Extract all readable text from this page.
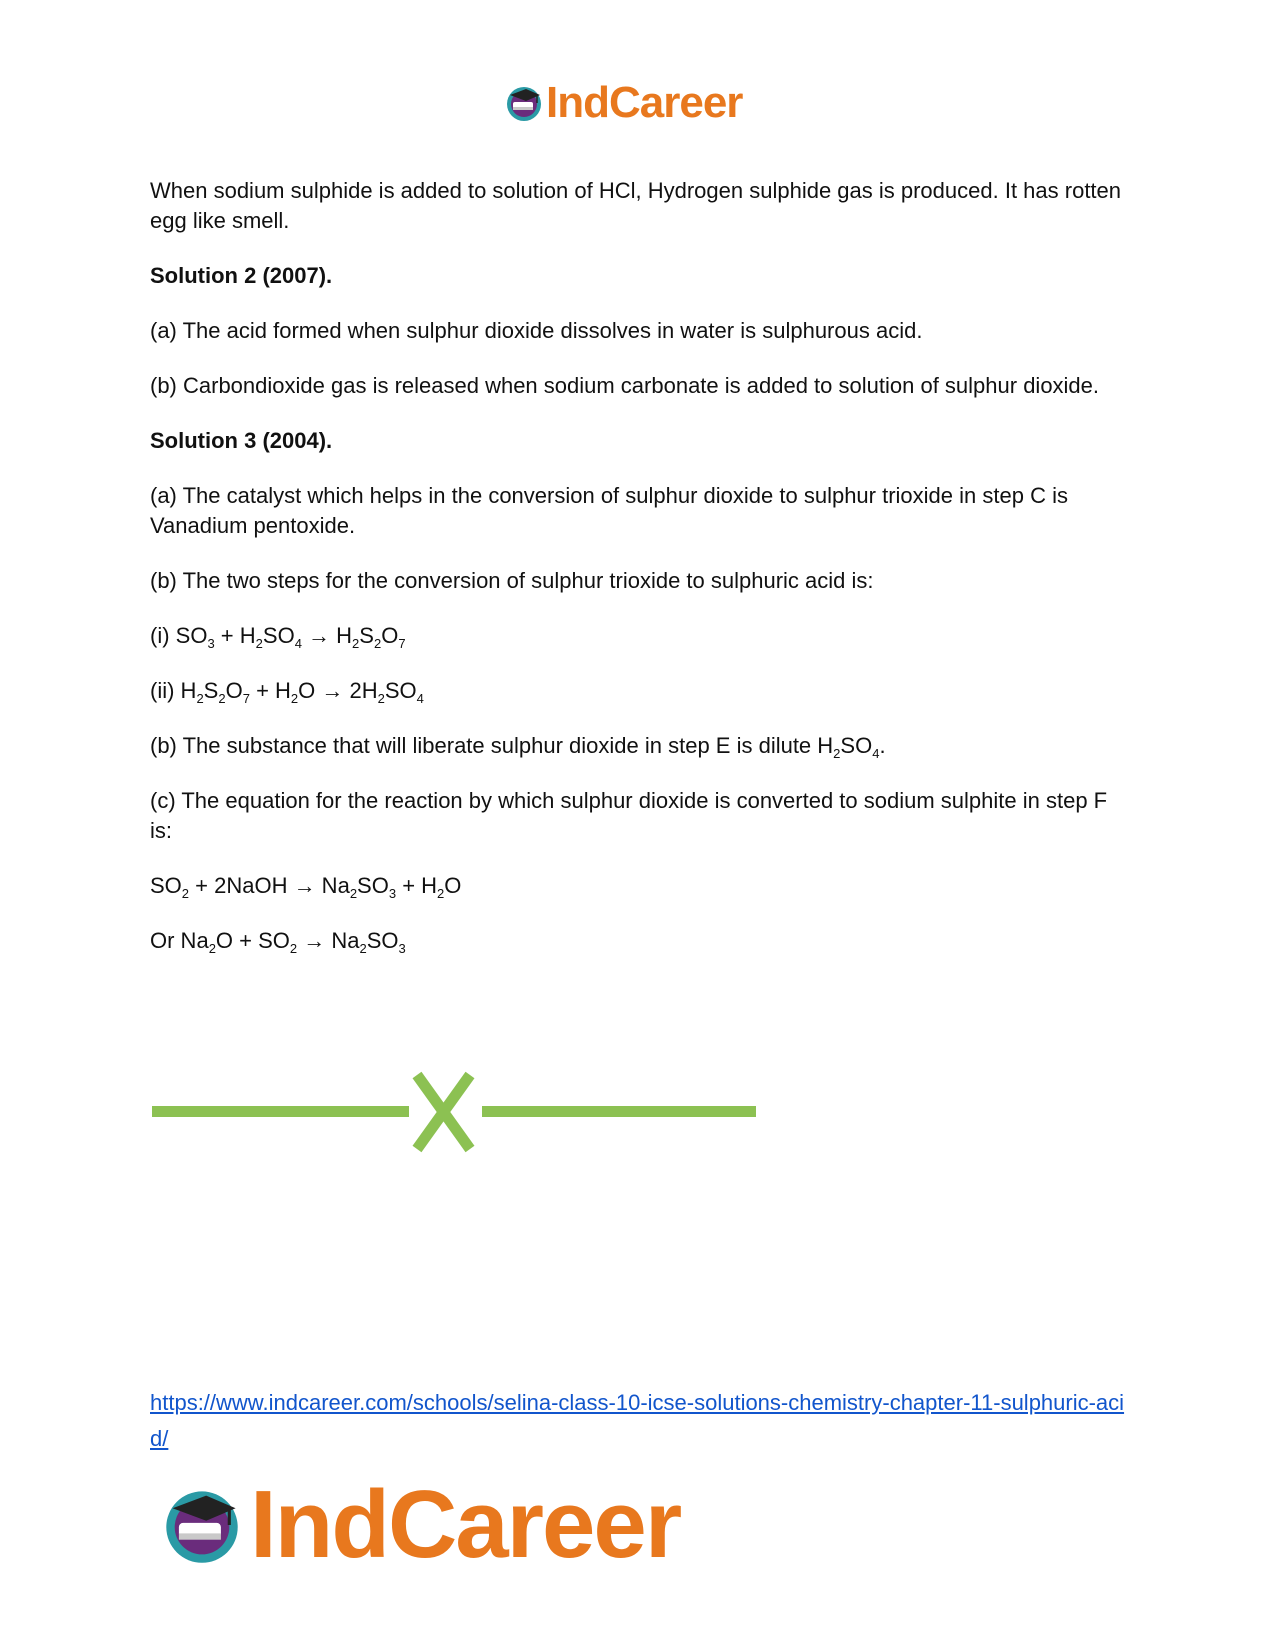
IndCareer

When sodium sulphide is added to solution of HCl, Hydrogen sulphide gas is produced. It has rotten egg like smell.

Solution 2 (2007).

(a) The acid formed when sulphur dioxide dissolves in water is sulphurous acid.

(b) Carbondioxide gas is released when sodium carbonate is added to solution of sulphur dioxide.

Solution 3 (2004).

(a) The catalyst which helps in the conversion of sulphur dioxide to sulphur trioxide in step C is Vanadium pentoxide.

(b) The two steps for the conversion of sulphur trioxide to sulphuric acid is:

(i) $SO_3 + H_2SO_4 \to H_2S_2O_7$

(ii) $H_2S_2O_7 + H_2O \to 2H_2SO_4$

(b) The substance that will liberate sulphur dioxide in step E is dilute $H_2SO_4$.

(c) The equation for the reaction by which sulphur dioxide is converted to sodium sulphite in step F is:

$SO_2$ + 2NaOH → $Na_2SO_3 + H_2O$

Or $Na_2O + SO_2 \to Na_2SO_3$

https://www.indcareer.com/schools/selina-class-10-icse-solutions-chemistry-chapter-11-sulphuric-acid/
IndCareer
